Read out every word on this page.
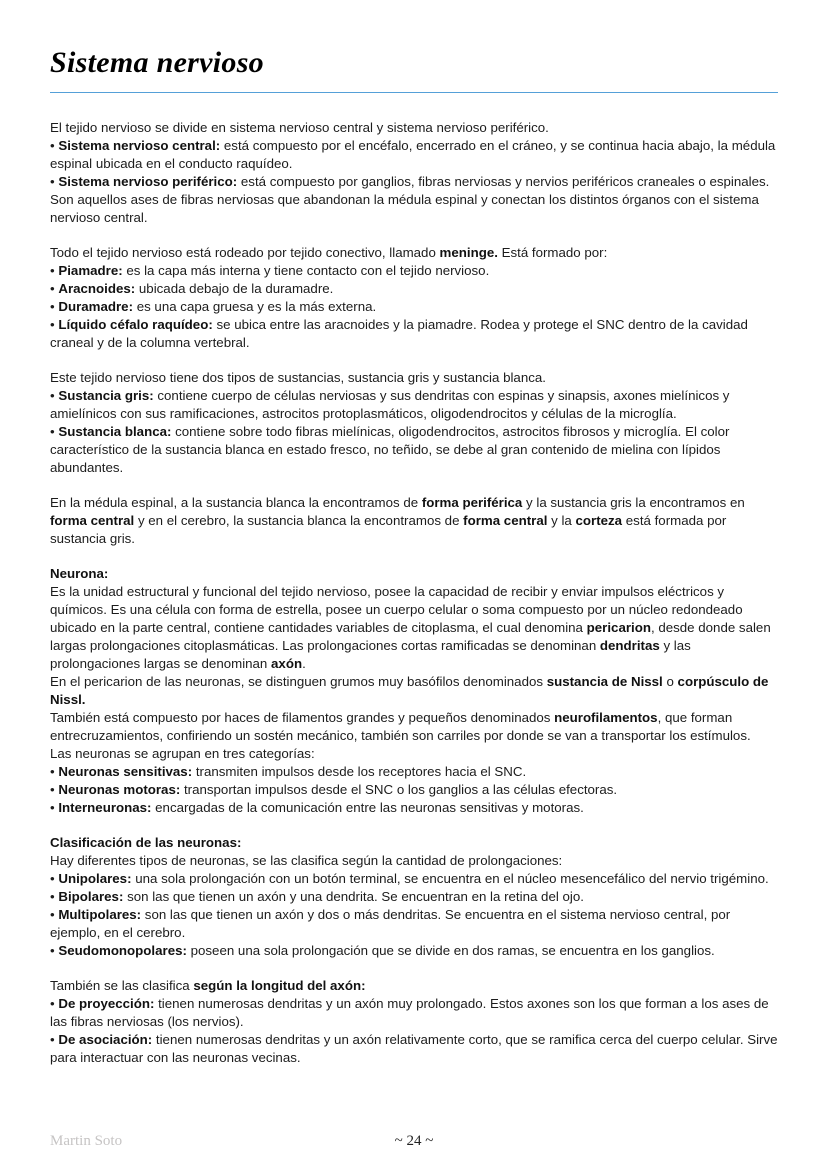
Sistema nervioso
El tejido nervioso se divide en sistema nervioso central y sistema nervioso periférico.
• Sistema nervioso central: está compuesto por el encéfalo, encerrado en el cráneo, y se continua hacia abajo, la médula espinal ubicada en el conducto raquídeo.
• Sistema nervioso periférico: está compuesto por ganglios, fibras nerviosas y nervios periféricos craneales o espinales. Son aquellos ases de fibras nerviosas que abandonan la médula espinal y conectan los distintos órganos con el sistema nervioso central.
Todo el tejido nervioso está rodeado por tejido conectivo, llamado meninge. Está formado por:
• Piamadre: es la capa más interna y tiene contacto con el tejido nervioso.
• Aracnoides: ubicada debajo de la duramadre.
• Duramadre: es una capa gruesa y es la más externa.
• Líquido céfalo raquídeo: se ubica entre las aracnoides y la piamadre. Rodea y protege el SNC dentro de la cavidad craneal y de la columna vertebral.
Este tejido nervioso tiene dos tipos de sustancias, sustancia gris y sustancia blanca.
• Sustancia gris: contiene cuerpo de células nerviosas y sus dendritas con espinas y sinapsis, axones mielínicos y amielínicos con sus ramificaciones, astrocitos protoplasmáticos, oligodendrocitos y células de la microglía.
• Sustancia blanca: contiene sobre todo fibras mielínicas, oligodendrocitos, astrocitos fibrosos y microglía. El color característico de la sustancia blanca en estado fresco, no teñido, se debe al gran contenido de mielina con lípidos abundantes.
En la médula espinal, a la sustancia blanca la encontramos de forma periférica y la sustancia gris la encontramos en forma central y en el cerebro, la sustancia blanca la encontramos de forma central y la corteza está formada por sustancia gris.
Neurona:
Es la unidad estructural y funcional del tejido nervioso, posee la capacidad de recibir y enviar impulsos eléctricos y químicos. Es una célula con forma de estrella, posee un cuerpo celular o soma compuesto por un núcleo redondeado ubicado en la parte central, contiene cantidades variables de citoplasma, el cual denomina pericarion, desde donde salen largas prolongaciones citoplasmáticas. Las prolongaciones cortas ramificadas se denominan dendritas y las prolongaciones largas se denominan axón.
En el pericarion de las neuronas, se distinguen grumos muy basófilos denominados sustancia de Nissl o corpúsculo de Nissl.
También está compuesto por haces de filamentos grandes y pequeños denominados neurofilamentos, que forman entrecruzamientos, confiriendo un sostén mecánico, también son carriles por donde se van a transportar los estímulos.
Las neuronas se agrupan en tres categorías:
• Neuronas sensitivas: transmiten impulsos desde los receptores hacia el SNC.
• Neuronas motoras: transportan impulsos desde el SNC o los ganglios a las células efectoras.
• Interneuronas: encargadas de la comunicación entre las neuronas sensitivas y motoras.
Clasificación de las neuronas:
Hay diferentes tipos de neuronas, se las clasifica según la cantidad de prolongaciones:
• Unipolares: una sola prolongación con un botón terminal, se encuentra en el núcleo mesencefálico del nervio trigémino.
• Bipolares: son las que tienen un axón y una dendrita. Se encuentran en la retina del ojo.
• Multipolares: son las que tienen un axón y dos o más dendritas. Se encuentra en el sistema nervioso central, por ejemplo, en el cerebro.
• Seudomonopolares: poseen una sola prolongación que se divide en dos ramas, se encuentra en los ganglios.
También se las clasifica según la longitud del axón:
• De proyección: tienen numerosas dendritas y un axón muy prolongado. Estos axones son los que forman a los ases de las fibras nerviosas (los nervios).
• De asociación: tienen numerosas dendritas y un axón relativamente corto, que se ramifica cerca del cuerpo celular. Sirve para interactuar con las neuronas vecinas.
Martin Soto	~ 24 ~
